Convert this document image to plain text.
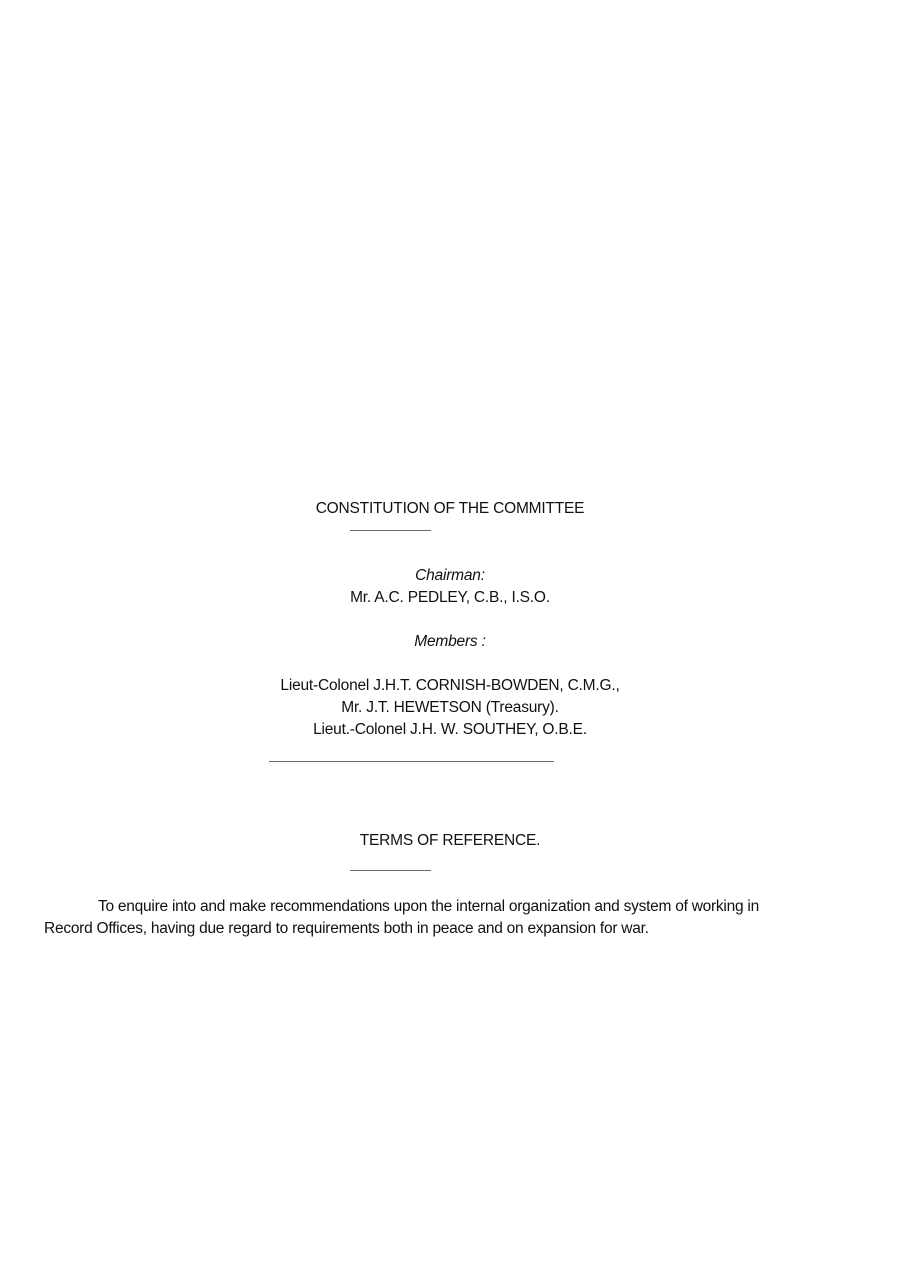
CONSTITUTION OF THE COMMITTEE
Chairman:
Mr. A.C. PEDLEY, C.B., I.S.O.
Members :
Lieut-Colonel J.H.T. CORNISH-BOWDEN, C.M.G.,
Mr. J.T. HEWETSON (Treasury).
Lieut.-Colonel J.H. W. SOUTHEY, O.B.E.
TERMS OF REFERENCE.
To enquire into and make recommendations upon the internal organization and system of working in
Record Offices, having due regard to requirements both in peace and on expansion for war.
